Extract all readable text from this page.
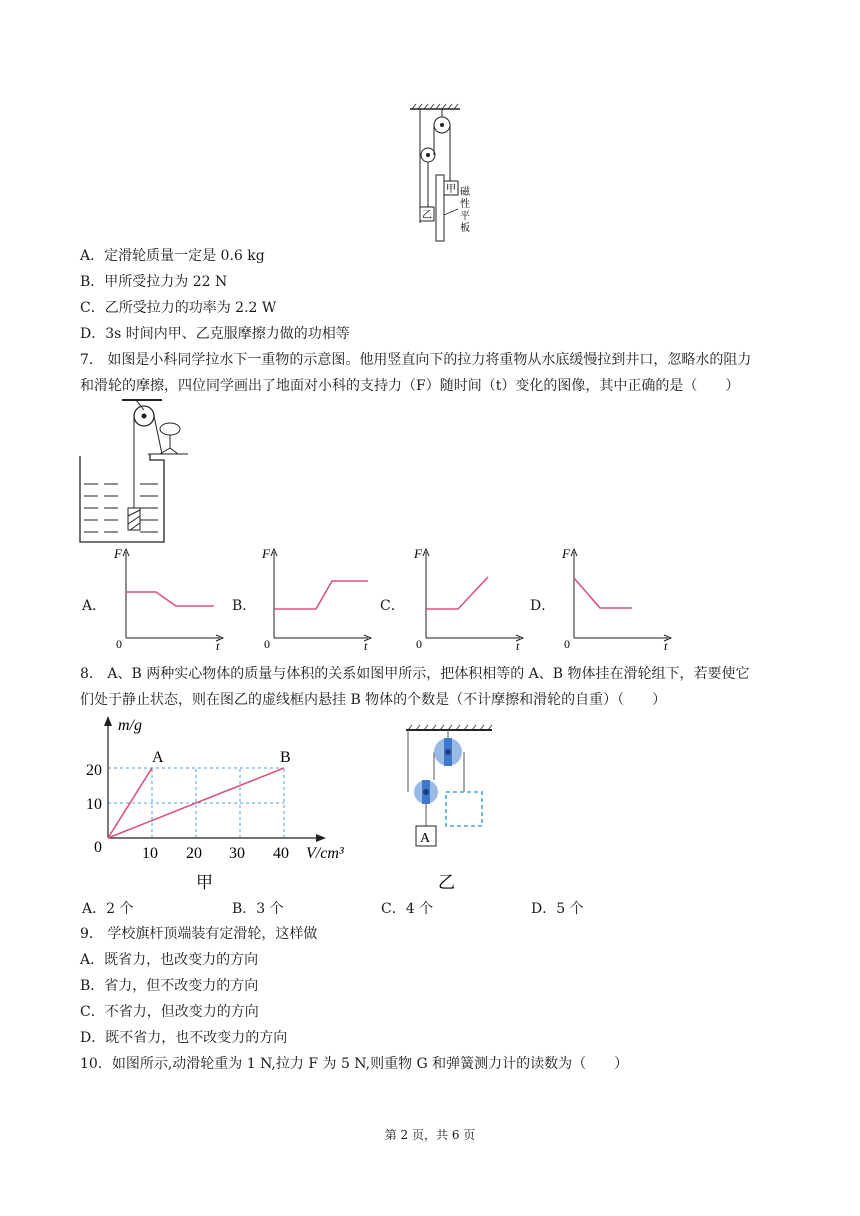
甲
乙
磁
性
平
板
A．定滑轮质量一定是 0.6 kg
B．甲所受拉力为 22 N
C．乙所受拉力的功率为 2.2 W
D．3s 时间内甲、乙克服摩擦力做的功相等
7． 如图是小科同学拉水下一重物的示意图。他用竖直向下的拉力将重物从水底缓慢拉到井口，忽略水的阻力
和滑轮的摩擦，四位同学画出了地面对小科的支持力（F）随时间（t）变化的图像，其中正确的是（　　）
A．
F
t
0
B．
F
t
0
C．
F
t
0
D．
F
t
0
8． A、B 两种实心物体的质量与体积的关系如图甲所示，把体积相等的 A、B 物体挂在滑轮组下，若要使它
们处于静止状态，则在图乙的虚线框内悬挂 B 物体的个数是（不计摩擦和滑轮的自重）（　　）
m/g
V/cm³
0
10
20
10 20 30 40
A	B
甲
A
乙
A．2 个	B．3 个	C．4 个	D．5 个
9． 学校旗杆顶端装有定滑轮，这样做
A．既省力，也改变力的方向
B．省力，但不改变力的方向
C．不省力，但改变力的方向
D．既不省力，也不改变力的方向
10．如图所示,动滑轮重为 1 N,拉力 F 为 5 N,则重物 G 和弹簧测力计的读数为（　　）
第 2 页，共 6 页
